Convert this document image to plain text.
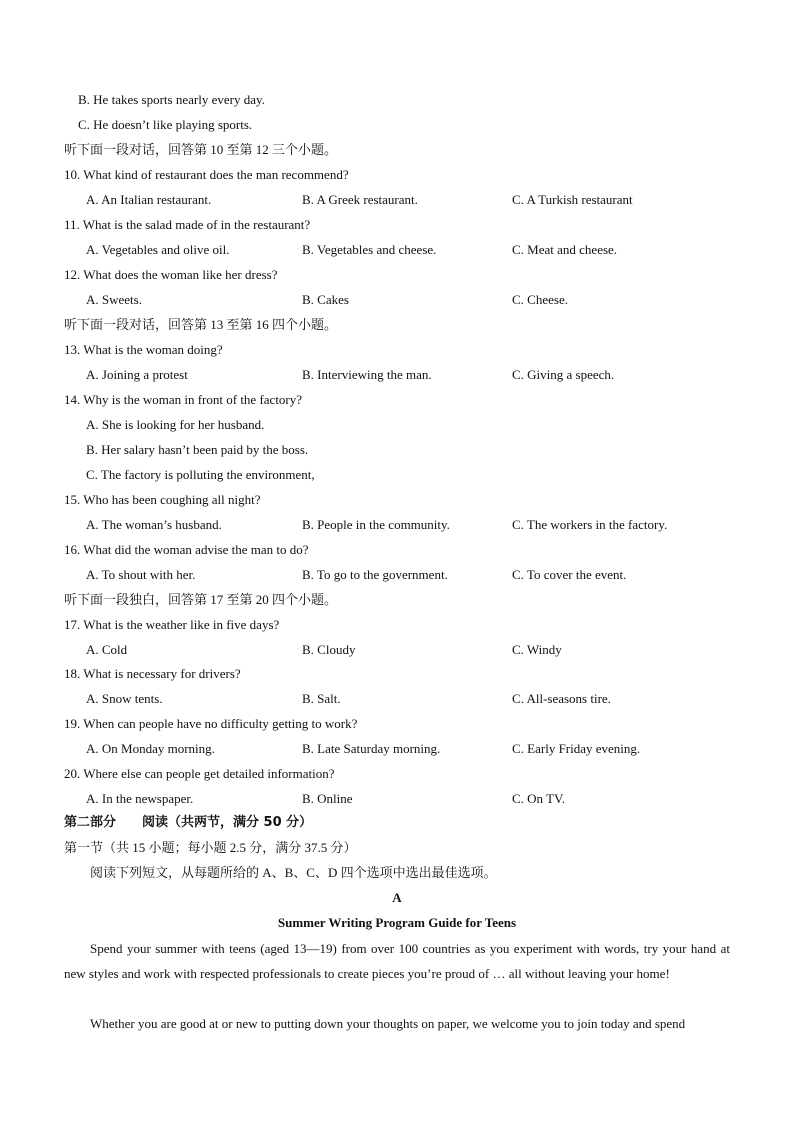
B. He takes sports nearly every day.
C. He doesn’t like playing sports.
听下面一段对话，回答第 10 至第 12 三个小题。
10. What kind of restaurant does the man recommend?
A. An Italian restaurant.	B. A Greek restaurant.	C. A Turkish restaurant
11. What is the salad made of in the restaurant?
A. Vegetables and olive oil.	B. Vegetables and cheese.	C. Meat and cheese.
12. What does the woman like her dress?
A. Sweets.	B. Cakes	C. Cheese.
听下面一段对话，回答第 13 至第 16 四个小题。
13. What is the woman doing?
A. Joining a protest	B. Interviewing the man.	C. Giving a speech.
14. Why is the woman in front of the factory?
A. She is looking for her husband.
B. Her salary hasn’t been paid by the boss.
C. The factory is polluting the environment,
15. Who has been coughing all night?
A. The woman’s husband.	B. People in the community.	C. The workers in the factory.
16. What did the woman advise the man to do?
A. To shout with her.	B. To go to the government.	C. To cover the event.
听下面一段独白，回答第 17 至第 20 四个小题。
17. What is the weather like in five days?
A. Cold	B. Cloudy	C. Windy
18. What is necessary for drivers?
A. Snow tents.	B. Salt.	C. All-seasons tire.
19. When can people have no difficulty getting to work?
A. On Monday morning.	B. Late Saturday morning.	C. Early Friday evening.
20. Where else can people get detailed information?
A. In the newspaper.	B. Online	C. On TV.
第二部分　　阅读（共两节，满分 50 分）
第一节（共 15 小题；每小题 2.5 分，满分 37.5 分）
阅读下列短文，从每题所给的 A、B、C、D 四个选项中选出最佳选项。
A
Summer Writing Program Guide for Teens
Spend your summer with teens (aged 13—19) from over 100 countries as you experiment with words, try your hand at new styles and work with respected professionals to create pieces you’re proud of … all without leaving your home!
Whether you are good at or new to putting down your thoughts on paper, we welcome you to join today and spend
